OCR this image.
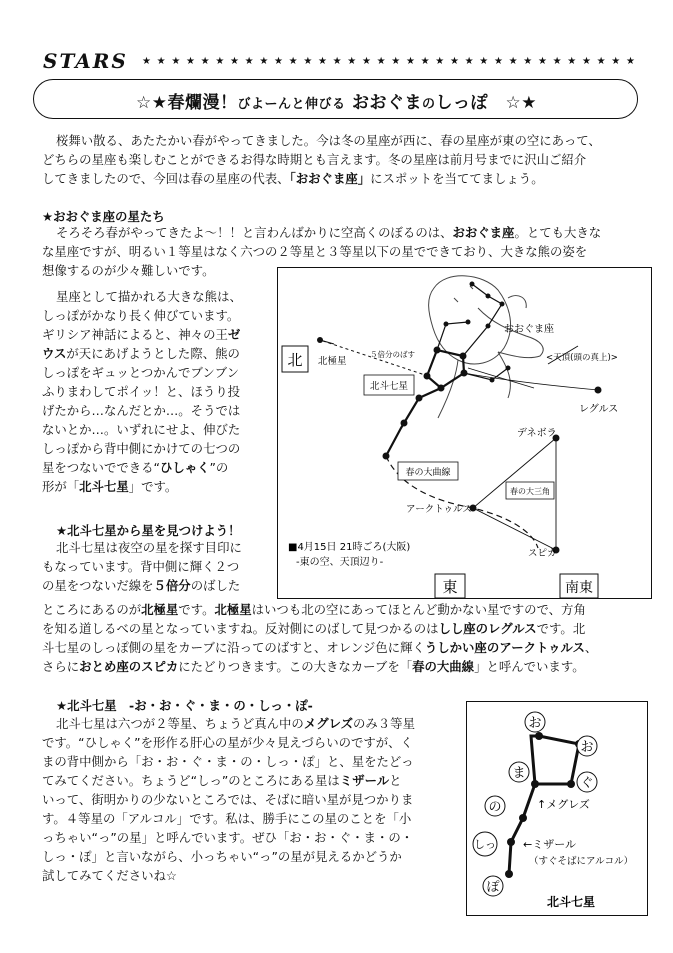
STARS ★★★★★★★★★★★★★★★★★★★★★★★★★★★★★★★★★★
☆★春爛漫！びよーんと伸びる おおぐまのしっぽ　 ☆★
桜舞い散る、あたたかい春がやってきました。今は冬の星座が西に、春の星座が東の空にあって、
どちらの星座も楽しむことができるお得な時期とも言えます。冬の星座は前月号までに沢山ご紹介
してきましたので、今回は春の星座の代表、「おおぐま座」にスポットを当ててましょう。
★おおぐま座の星たち
そろそろ春がやってきたよ～！！と言わんばかりに空高くのぼるのは、おおぐま座。とても大きな
な星座ですが、明るい１等星はなく六つの２等星と３等星以下の星でできており、大きな熊の姿を
想像するのが少々難しいです。
星座として描かれる大きな熊は、
しっぽがかなり長く伸びています。
ギリシア神話によると、神々の王ゼ
ウスが天にあげようとした際、熊の
しっぽをギュッとつかんでブンブン
ふりまわしてポイッ！と、ほうり投
げたから…なんだとか…。そうでは
ないとか…。いずれにせよ、伸びた
しっぽから背中側にかけての七つの
星をつないでできる“ひしゃく”の
形が「北斗七星」です。
★北斗七星から星を見つけよう！
北斗七星は夜空の星を探す目印に
もなっています。背中側に輝く２つ
の星をつないだ線を５倍分のばした
ところにあるのが北極星です。北極星はいつも北の空にあってほとんど動かない星ですので、方角
を知る道しるべの星となっていますね。反対側にのばして見つかるのはしし座のレグルスです。北
斗七星のしっぽ側の星をカーブに沿ってのばすと、オレンジ色に輝くうしかい座のアークトゥルス、
さらにおとめ座のスピカにたどりつきます。この大きなカーブを「春の大曲線」と呼んでいます。
★北斗七星　-お・お・ぐ・ま・の・しっ・ぽ-
北斗七星は六つが２等星、ちょうど真ん中のメグレズのみ３等星
です。“ひしゃく”を形作る肝心の星が少々見えづらいのですが、く
まの背中側から「お・お・ぐ・ま・の・しっ・ぽ」と、星をたどっ
てみてください。ちょうど“しっ”のところにある星はミザールと
いって、街明かりの少ないところでは、そばに暗い星が見つかりま
す。４等星の「アルコル」です。私は、勝手にこの星のことを「小
っちゃい“っ”の星」と呼んでいます。ぜひ「お・お・ぐ・ま・の・
しっ・ぽ」と言いながら、小っちゃい“っ”の星が見えるかどうか
試してみてくださいね☆
北
東	南東
北極星
５倍分のばす
おおぐま座
<天頂(頭の真上)>
北斗七星
レグルス
デネボラ
春の大曲線
春の大三角
アークトゥルス
スピカ
■4月15日 21時ごろ(大阪)
-東の空、天頂辺り-
お
お
ぐ
ま
の
しっ
ぽ
↑メグレズ
←ミザール
（すぐそばにアルコル）
北斗七星
